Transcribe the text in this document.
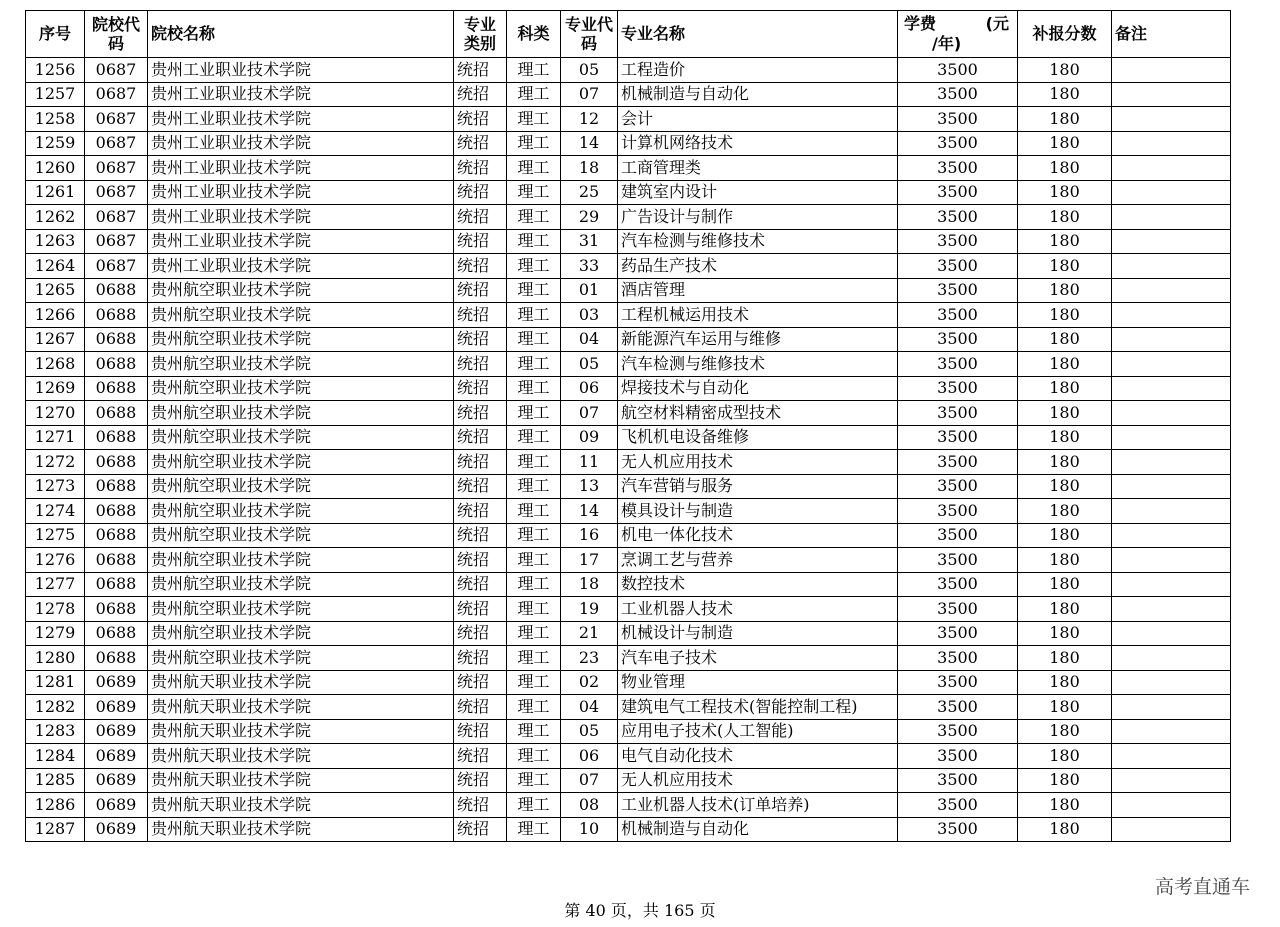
序号	院校代码	院校名称	专业类别	科类	专业代码	专业名称	学费 (元
/年)	补报分数	备注
1256	0687	贵州工业职业技术学院	统招	理工	05	工程造价	3500	180	
1257	0687	贵州工业职业技术学院	统招	理工	07	机械制造与自动化	3500	180	
1258	0687	贵州工业职业技术学院	统招	理工	12	会计	3500	180	
1259	0687	贵州工业职业技术学院	统招	理工	14	计算机网络技术	3500	180	
1260	0687	贵州工业职业技术学院	统招	理工	18	工商管理类	3500	180	
1261	0687	贵州工业职业技术学院	统招	理工	25	建筑室内设计	3500	180	
1262	0687	贵州工业职业技术学院	统招	理工	29	广告设计与制作	3500	180	
1263	0687	贵州工业职业技术学院	统招	理工	31	汽车检测与维修技术	3500	180	
1264	0687	贵州工业职业技术学院	统招	理工	33	药品生产技术	3500	180	
1265	0688	贵州航空职业技术学院	统招	理工	01	酒店管理	3500	180	
1266	0688	贵州航空职业技术学院	统招	理工	03	工程机械运用技术	3500	180	
1267	0688	贵州航空职业技术学院	统招	理工	04	新能源汽车运用与维修	3500	180	
1268	0688	贵州航空职业技术学院	统招	理工	05	汽车检测与维修技术	3500	180	
1269	0688	贵州航空职业技术学院	统招	理工	06	焊接技术与自动化	3500	180	
1270	0688	贵州航空职业技术学院	统招	理工	07	航空材料精密成型技术	3500	180	
1271	0688	贵州航空职业技术学院	统招	理工	09	飞机机电设备维修	3500	180	
1272	0688	贵州航空职业技术学院	统招	理工	11	无人机应用技术	3500	180	
1273	0688	贵州航空职业技术学院	统招	理工	13	汽车营销与服务	3500	180	
1274	0688	贵州航空职业技术学院	统招	理工	14	模具设计与制造	3500	180	
1275	0688	贵州航空职业技术学院	统招	理工	16	机电一体化技术	3500	180	
1276	0688	贵州航空职业技术学院	统招	理工	17	烹调工艺与营养	3500	180	
1277	0688	贵州航空职业技术学院	统招	理工	18	数控技术	3500	180	
1278	0688	贵州航空职业技术学院	统招	理工	19	工业机器人技术	3500	180	
1279	0688	贵州航空职业技术学院	统招	理工	21	机械设计与制造	3500	180	
1280	0688	贵州航空职业技术学院	统招	理工	23	汽车电子技术	3500	180	
1281	0689	贵州航天职业技术学院	统招	理工	02	物业管理	3500	180	
1282	0689	贵州航天职业技术学院	统招	理工	04	建筑电气工程技术(智能控制工程)	3500	180	
1283	0689	贵州航天职业技术学院	统招	理工	05	应用电子技术(人工智能)	3500	180	
1284	0689	贵州航天职业技术学院	统招	理工	06	电气自动化技术	3500	180	
1285	0689	贵州航天职业技术学院	统招	理工	07	无人机应用技术	3500	180	
1286	0689	贵州航天职业技术学院	统招	理工	08	工业机器人技术(订单培养)	3500	180	
1287	0689	贵州航天职业技术学院	统招	理工	10	机械制造与自动化	3500	180	
高考直通车
第 40 页，共 165 页
